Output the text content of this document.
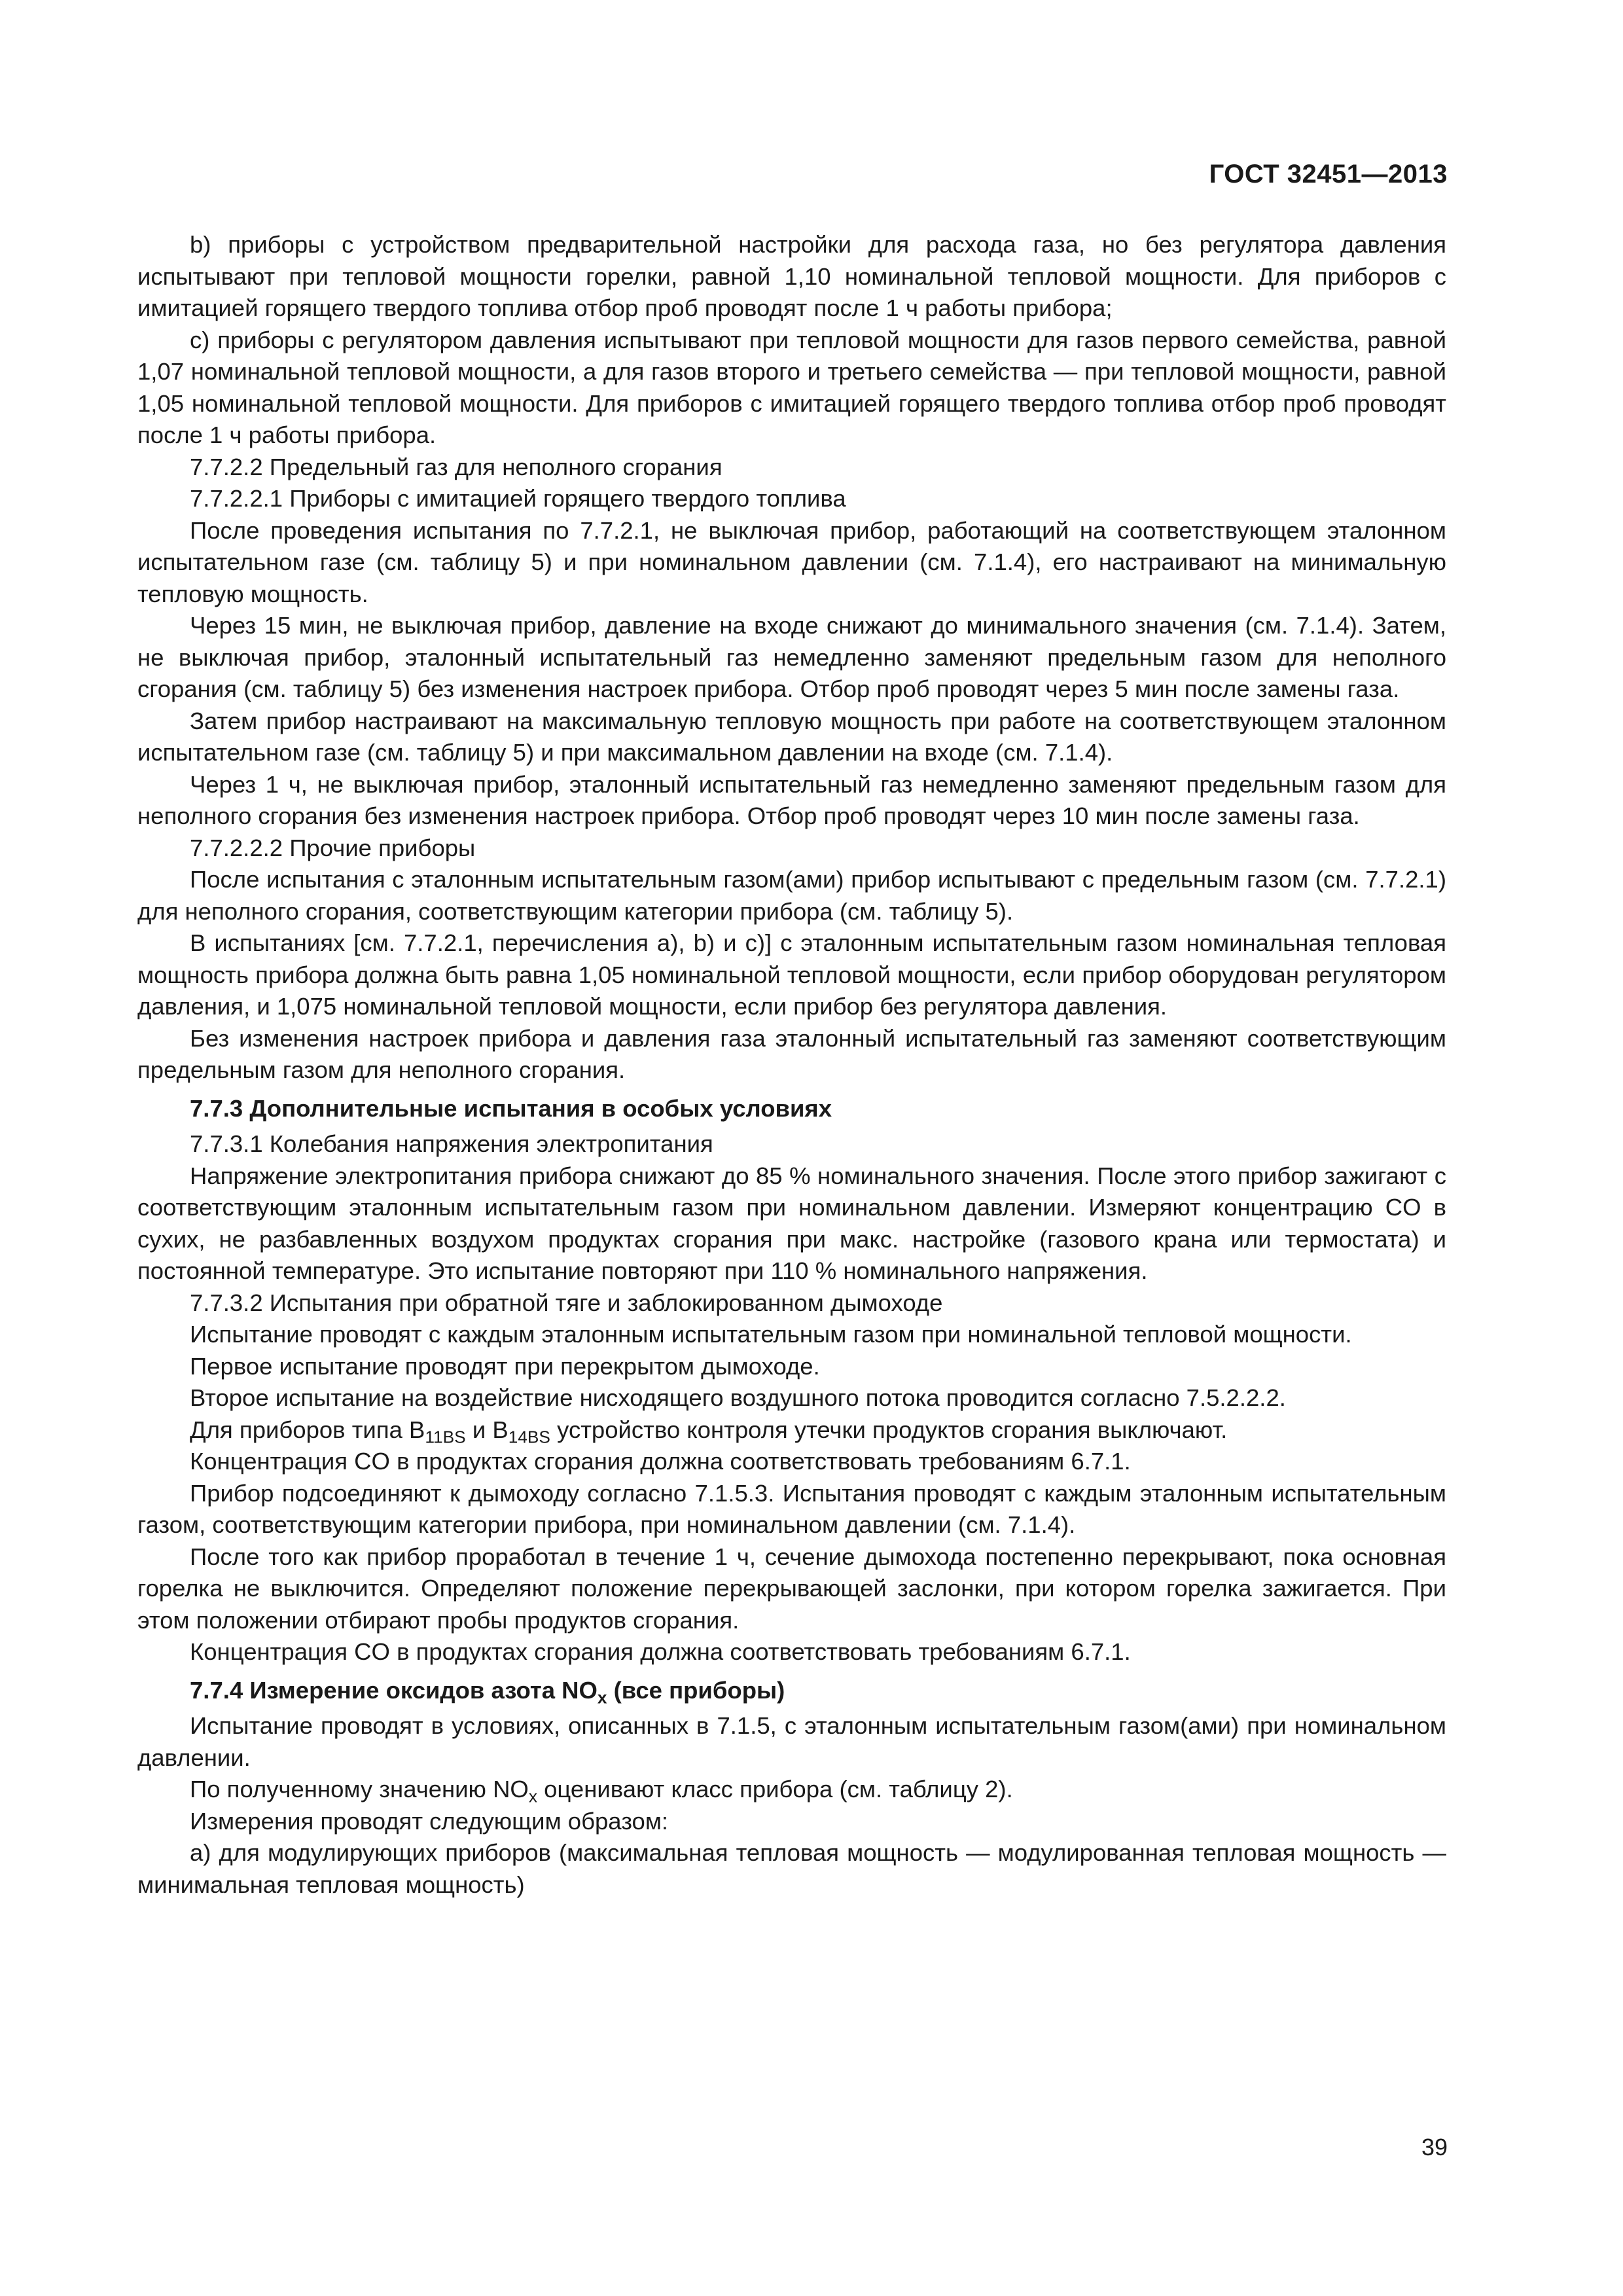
ГОСТ 32451—2013

b) приборы с устройством предварительной настройки для расхода газа, но без регулятора давления испытывают при тепловой мощности горелки, равной 1,10 номинальной тепловой мощности. Для приборов с имитацией горящего твердого топлива отбор проб проводят после 1 ч работы прибора;

c) приборы с регулятором давления испытывают при тепловой мощности для газов первого семейства, равной 1,07 номинальной тепловой мощности, а для газов второго и третьего семейства — при тепловой мощности, равной 1,05 номинальной тепловой мощности. Для приборов с имитацией горящего твердого топлива отбор проб проводят после 1 ч работы прибора.

7.7.2.2 Предельный газ для неполного сгорания

7.7.2.2.1 Приборы с имитацией горящего твердого топлива

После проведения испытания по 7.7.2.1, не выключая прибор, работающий на соответствующем эталонном испытательном газе (см. таблицу 5) и при номинальном давлении (см. 7.1.4), его настраивают на минимальную тепловую мощность.

Через 15 мин, не выключая прибор, давление на входе снижают до минимального значения (см. 7.1.4). Затем, не выключая прибор, эталонный испытательный газ немедленно заменяют предельным газом для неполного сгорания (см. таблицу 5) без изменения настроек прибора. Отбор проб проводят через 5 мин после замены газа.

Затем прибор настраивают на максимальную тепловую мощность при работе на соответствующем эталонном испытательном газе (см. таблицу 5) и при максимальном давлении на входе (см. 7.1.4).

Через 1 ч, не выключая прибор, эталонный испытательный газ немедленно заменяют предельным газом для неполного сгорания без изменения настроек прибора. Отбор проб проводят через 10 мин после замены газа.

7.7.2.2.2 Прочие приборы

После испытания с эталонным испытательным газом(ами) прибор испытывают с предельным газом (см. 7.7.2.1) для неполного сгорания, соответствующим категории прибора (см. таблицу 5).

В испытаниях [см. 7.7.2.1, перечисления a), b) и c)] с эталонным испытательным газом номинальная тепловая мощность прибора должна быть равна 1,05 номинальной тепловой мощности, если прибор оборудован регулятором давления, и 1,075 номинальной тепловой мощности, если прибор без регулятора давления.

Без изменения настроек прибора и давления газа эталонный испытательный газ заменяют соответствующим предельным газом для неполного сгорания.

7.7.3 Дополнительные испытания в особых условиях

7.7.3.1 Колебания напряжения электропитания

Напряжение электропитания прибора снижают до 85 % номинального значения. После этого прибор зажигают с соответствующим эталонным испытательным газом при номинальном давлении. Измеряют концентрацию CO в сухих, не разбавленных воздухом продуктах сгорания при макс. настройке (газового крана или термостата) и постоянной температуре. Это испытание повторяют при 110 % номинального напряжения.

7.7.3.2 Испытания при обратной тяге и заблокированном дымоходе

Испытание проводят с каждым эталонным испытательным газом при номинальной тепловой мощности.

Первое испытание проводят при перекрытом дымоходе.

Второе испытание на воздействие нисходящего воздушного потока проводится согласно 7.5.2.2.2.

Для приборов типа $B_{11BS}$ и $B_{14BS}$ устройство контроля утечки продуктов сгорания выключают.

Концентрация CO в продуктах сгорания должна соответствовать требованиям 6.7.1.

Прибор подсоединяют к дымоходу согласно 7.1.5.3. Испытания проводят с каждым эталонным испытательным газом, соответствующим категории прибора, при номинальном давлении (см. 7.1.4).

После того как прибор проработал в течение 1 ч, сечение дымохода постепенно перекрывают, пока основная горелка не выключится. Определяют положение перекрывающей заслонки, при котором горелка зажигается. При этом положении отбирают пробы продуктов сгорания.

Концентрация CO в продуктах сгорания должна соответствовать требованиям 6.7.1.

7.7.4 Измерение оксидов азота $NO_x$ (все приборы)

Испытание проводят в условиях, описанных в 7.1.5, с эталонным испытательным газом(ами) при номинальном давлении.

По полученному значению $NO_x$ оценивают класс прибора (см. таблицу 2).

Измерения проводят следующим образом:

a) для модулирующих приборов (максимальная тепловая мощность — модулированная тепловая мощность — минимальная тепловая мощность)

39
